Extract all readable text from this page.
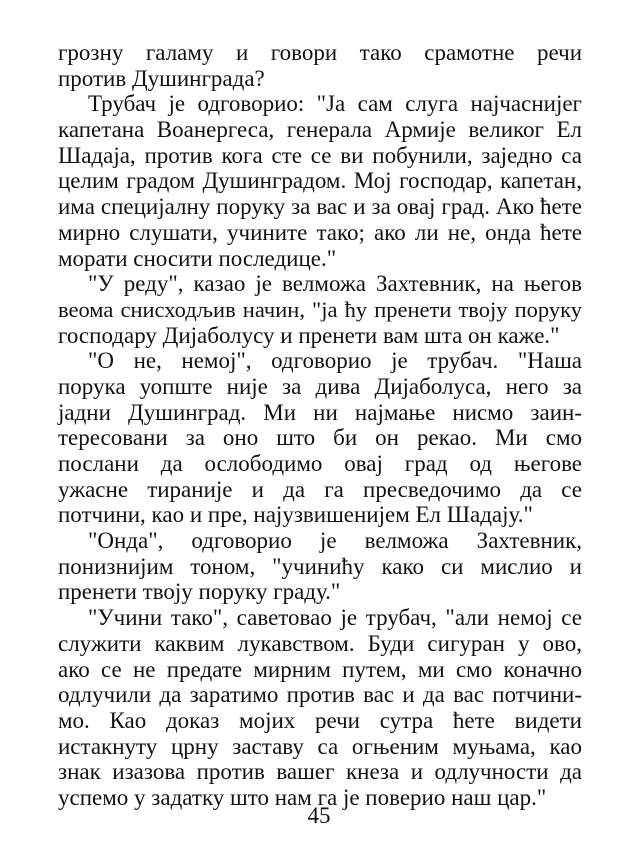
грозну галаму и говори тако срамотне речи
против Душинграда?
Трубач је одговорио: "Ја сам слуга најчаснијег
капетана Воанергеса, генерала Армије великог Ел
Шадаја, против кога сте се ви побунили, заједно са
целим градом Душинградом. Мој господар, капетан,
има специјалну поруку за вас и за овај град. Ако ћете
мирно слушати, учините тако; ако ли не, онда ћете
морати сносити последице."
"У реду", казао је велможа Захтевник, на његов
веома снисходљив начин, "ја ћу пренети твоју поруку
господару Дијаболусу и пренети вам шта он каже."
"О не, немој", одговорио је трубач. "Наша
порука уопште није за дива Дијаболуса, него за
јадни Душинград. Ми ни најмање нисмо заин-
тересовани за оно што би он рекао. Ми смо
послани да ослободимо овај град од његове
ужасне тираније и да га пресведочимо да се
потчини, као и пре, најузвишенијем Ел Шадају."
"Онда", одговорио је велможа Захтевник,
понизнијим тоном, "учинићу како си мислио и
пренети твоју поруку граду."
"Учини тако", саветовао је трубач, "али немој се
служити каквим лукавством. Буди сигуран у ово,
ако се не предате мирним путем, ми смо коначно
одлучили да заратимо против вас и да вас потчини-
мо. Као доказ мојих речи сутра ћете видети
истакнуту црну заставу са огњеним муњама, као
знак изазова против вашег кнеза и одлучности да
успемо у задатку што нам га је поверио наш цар."
45
